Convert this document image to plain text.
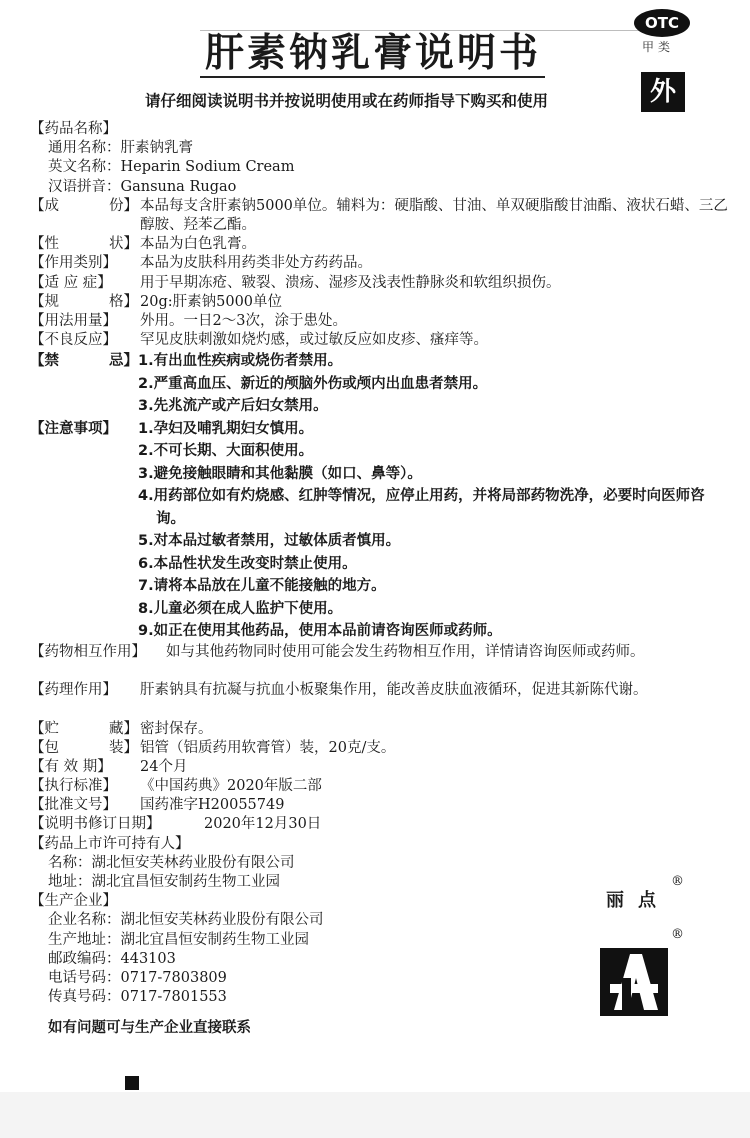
肝素钠乳膏说明书
OTC
甲类
外
请仔细阅读说明书并按说明使用或在药师指导下购买和使用
【药品名称】
通用名称：肝素钠乳膏
英文名称：Heparin Sodium Cream
汉语拼音：Gansuna Rugao
【成	份】 本品每支含肝素钠5000单位。辅料为：硬脂酸、甘油、单双硬脂酸甘油酯、液状石蜡、三乙醇胺、羟苯乙酯。
【性	状】 本品为白色乳膏。
【作用类别】	本品为皮肤科用药类非处方药药品。
【适 应 症】	用于早期冻疮、皲裂、溃疡、湿疹及浅表性静脉炎和软组织损伤。
【规	格】 20g:肝素钠5000单位
【用法用量】	外用。一日2～3次，涂于患处。
【不良反应】	罕见皮肤刺激如烧灼感，或过敏反应如皮疹、瘙痒等。
【禁	忌】 1.有出血性疾病或烧伤者禁用。
2.严重高血压、新近的颅脑外伤或颅内出血患者禁用。
3.先兆流产或产后妇女禁用。
【注意事项】	1.孕妇及哺乳期妇女慎用。
2.不可长期、大面积使用。
3.避免接触眼睛和其他黏膜（如口、鼻等）。
4.用药部位如有灼烧感、红肿等情况，应停止用药，并将局部药物洗净，必要时向医师咨询。
5.对本品过敏者禁用，过敏体质者慎用。
6.本品性状发生改变时禁止使用。
7.请将本品放在儿童不能接触的地方。
8.儿童必须在成人监护下使用。
9.如正在使用其他药品，使用本品前请咨询医师或药师。
【药物相互作用】	如与其他药物同时使用可能会发生药物相互作用，详情请咨询医师或药师。
【药理作用】	肝素钠具有抗凝与抗血小板聚集作用，能改善皮肤血液循环，促进其新陈代谢。
【贮	藏】 密封保存。
【包	装】 铝管（铝质药用软膏管）装，20克/支。
【有 效 期】	24个月
【执行标准】	《中国药典》2020年版二部
【批准文号】	国药准字H20055749
【说明书修订日期】	2020年12月30日
【药品上市许可持有人】
名称：湖北恒安芙林药业股份有限公司
地址：湖北宜昌恒安制药生物工业园
【生产企业】
企业名称：湖北恒安芙林药业股份有限公司
生产地址：湖北宜昌恒安制药生物工业园
邮政编码：443103
电话号码：0717-7803809
传真号码：0717-7801553
如有问题可与生产企业直接联系
丽点
®
®
